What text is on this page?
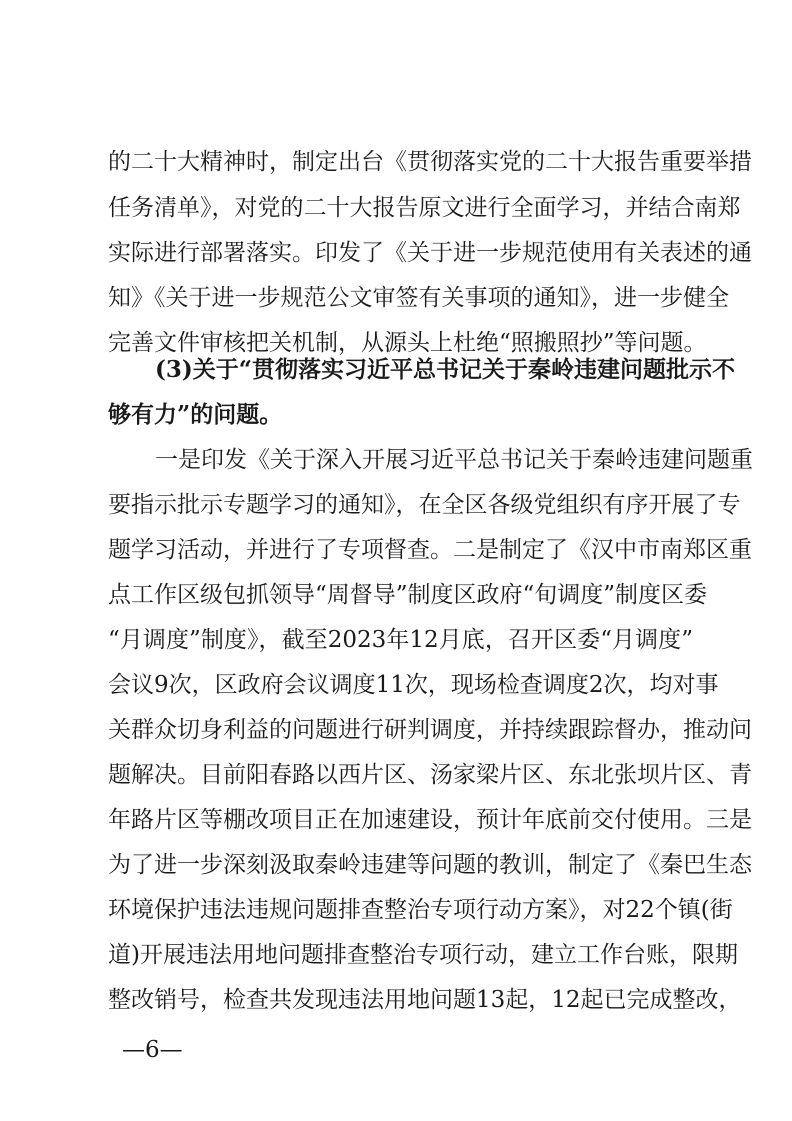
的二十大精神时，制定出台《贯彻落实党的二十大报告重要举措
任务清单》，对党的二十大报告原文进行全面学习，并结合南郑
实际进行部署落实。印发了《关于进一步规范使用有关表述的通
知》《关于进一步规范公文审签有关事项的通知》，进一步健全
完善文件审核把关机制，从源头上杜绝“照搬照抄”等问题。
(3)关于“贯彻落实习近平总书记关于秦岭违建问题批示不
够有力”的问题。
一是印发《关于深入开展习近平总书记关于秦岭违建问题重
要指示批示专题学习的通知》，在全区各级党组织有序开展了专
题学习活动，并进行了专项督查。二是制定了《汉中市南郑区重
点工作区级包抓领导“周督导”制度区政府“旬调度”制度区委
“月调度”制度》，截至2023年12月底，召开区委“月调度”
会议9次，区政府会议调度11次，现场检查调度2次，均对事
关群众切身利益的问题进行研判调度，并持续跟踪督办，推动问
题解决。目前阳春路以西片区、汤家梁片区、东北张坝片区、青
年路片区等棚改项目正在加速建设，预计年底前交付使用。三是
为了进一步深刻汲取秦岭违建等问题的教训，制定了《秦巴生态
环境保护违法违规问题排查整治专项行动方案》，对22个镇(街
道)开展违法用地问题排查整治专项行动，建立工作台账，限期
整改销号，检查共发现违法用地问题13起，12起已完成整改，
—6—
